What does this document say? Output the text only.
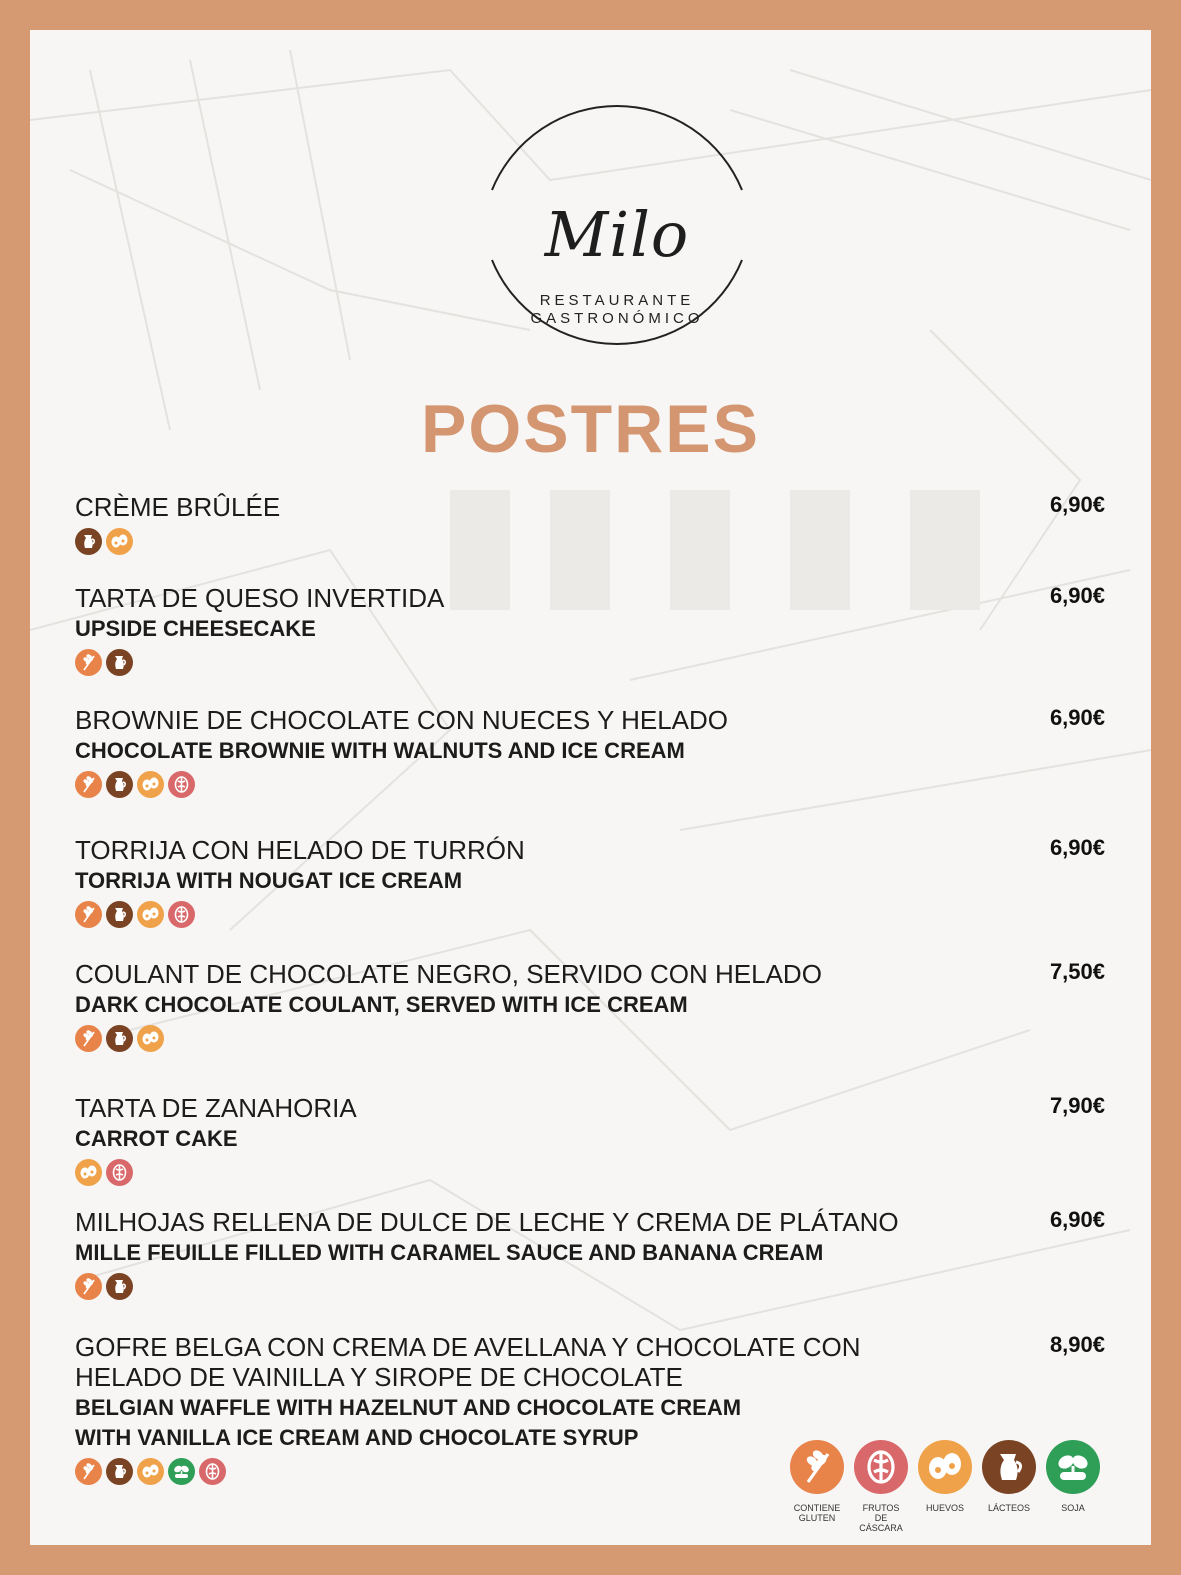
Milo
RESTAURANTE
GASTRONÓMICO
POSTRES
CRÈME BRÛLÉE	6,90€
TARTA DE QUESO INVERTIDA
UPSIDE CHEESECAKE
6,90€
BROWNIE DE CHOCOLATE CON NUECES Y HELADO
CHOCOLATE BROWNIE WITH WALNUTS AND ICE CREAM
6,90€
TORRIJA CON HELADO DE TURRÓN
TORRIJA WITH NOUGAT ICE CREAM
6,90€
COULANT DE CHOCOLATE NEGRO, SERVIDO CON HELADO
DARK CHOCOLATE COULANT, SERVED WITH ICE CREAM
7,50€
TARTA DE ZANAHORIA
CARROT CAKE
7,90€
MILHOJAS RELLENA DE DULCE DE LECHE Y CREMA DE PLÁTANO
MILLE FEUILLE FILLED WITH CARAMEL SAUCE AND BANANA CREAM
6,90€
GOFRE BELGA CON CREMA DE AVELLANA Y CHOCOLATE CON
HELADO DE VAINILLA Y SIROPE DE CHOCOLATE
BELGIAN WAFFLE WITH HAZELNUT AND CHOCOLATE CREAM
WITH VANILLA ICE CREAM AND CHOCOLATE SYRUP
8,90€
CONTIENE
GLUTEN
FRUTOS
DE CÁSCARA
HUEVOS	LÁCTEOS	SOJA
